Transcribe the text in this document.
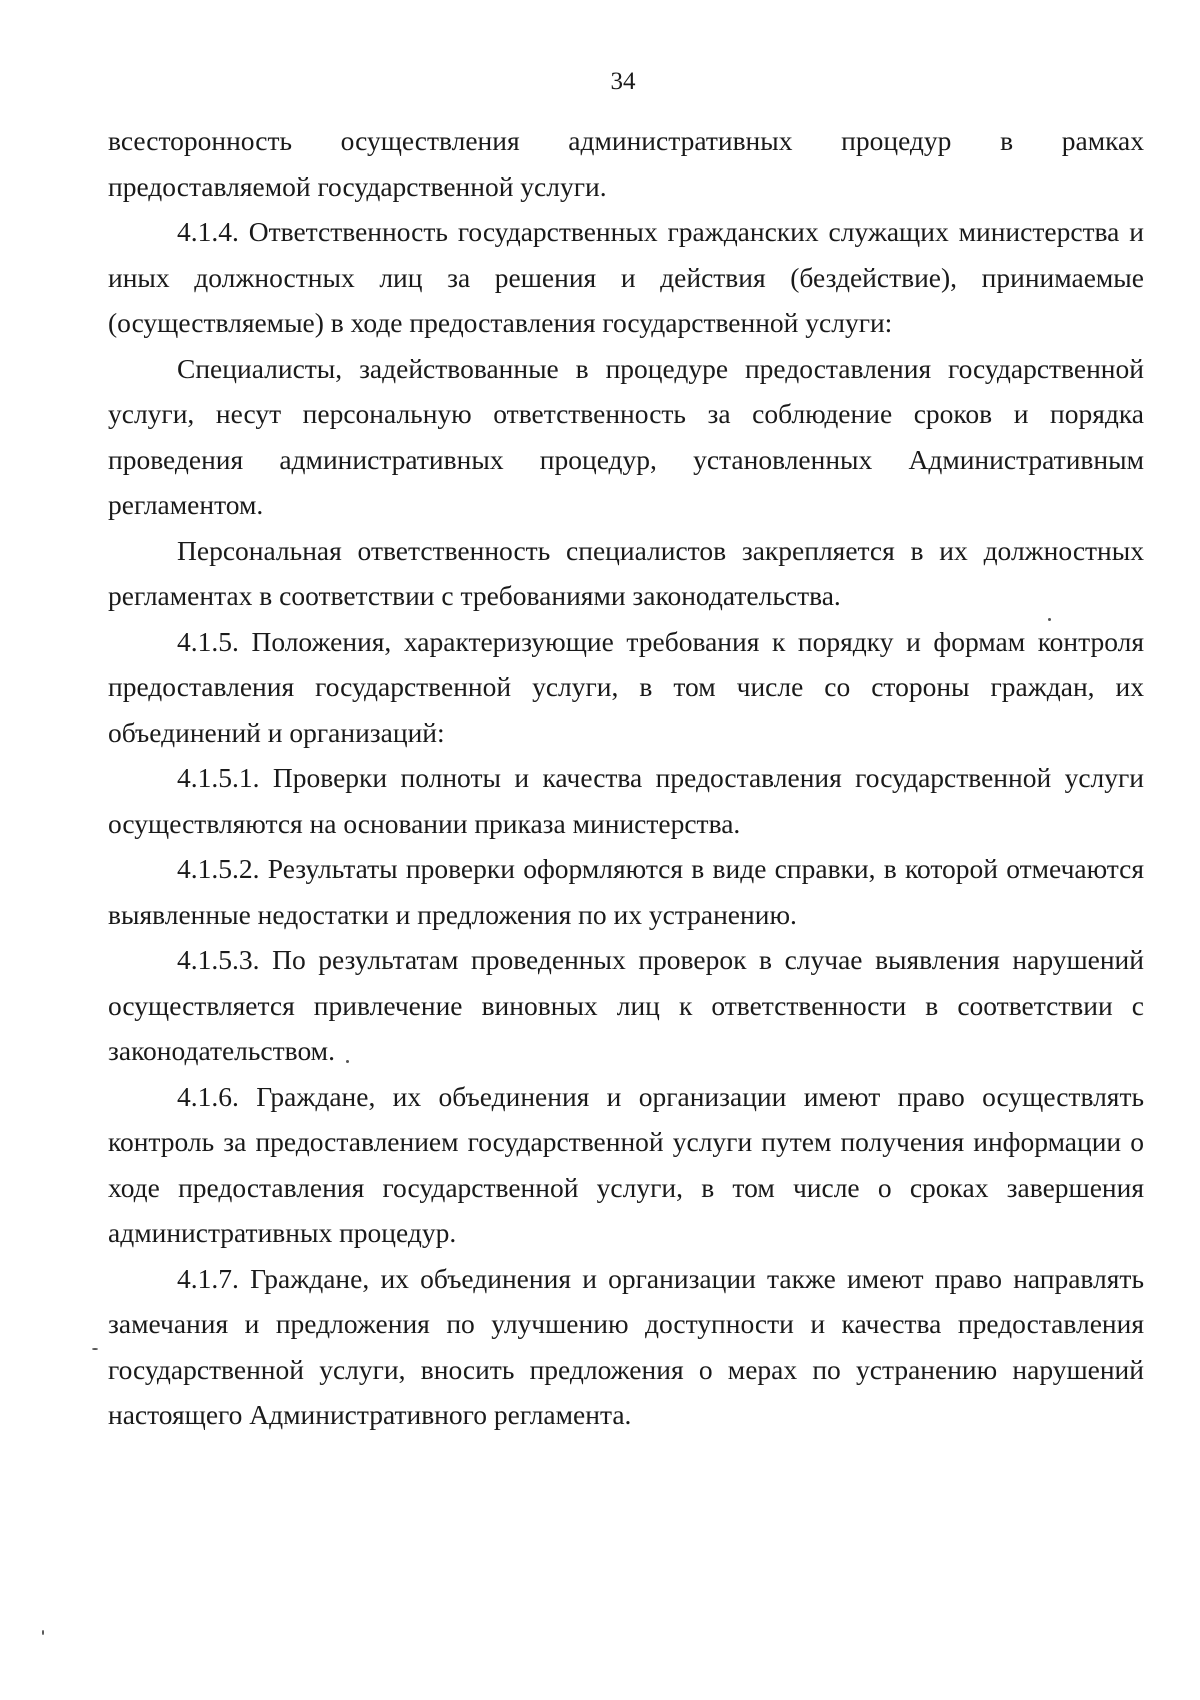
34

всесторонность осуществления административных процедур в рамках предоставляемой государственной услуги.

4.1.4. Ответственность государственных гражданских служащих министерства и иных должностных лиц за решения и действия (бездействие), принимаемые (осуществляемые) в ходе предоставления государственной услуги:

Специалисты, задействованные в процедуре предоставления государственной услуги, несут персональную ответственность за соблюдение сроков и порядка проведения административных процедур, установленных Административным регламентом.

Персональная ответственность специалистов закрепляется в их должностных регламентах в соответствии с требованиями законодательства.

4.1.5. Положения, характеризующие требования к порядку и формам контроля предоставления государственной услуги, в том числе со стороны граждан, их объединений и организаций:

4.1.5.1. Проверки полноты и качества предоставления государственной услуги осуществляются на основании приказа министерства.

4.1.5.2. Результаты проверки оформляются в виде справки, в которой отмечаются выявленные недостатки и предложения по их устранению.

4.1.5.3. По результатам проведенных проверок в случае выявления нарушений осуществляется привлечение виновных лиц к ответственности в соответствии с законодательством.

4.1.6. Граждане, их объединения и организации имеют право осуществлять контроль за предоставлением государственной услуги путем получения информации о ходе предоставления государственной услуги, в том числе о сроках завершения административных процедур.

4.1.7. Граждане, их объединения и организации также имеют право направлять замечания и предложения по улучшению доступности и качества предоставления государственной услуги, вносить предложения о мерах по устранению нарушений настоящего Административного регламента.
